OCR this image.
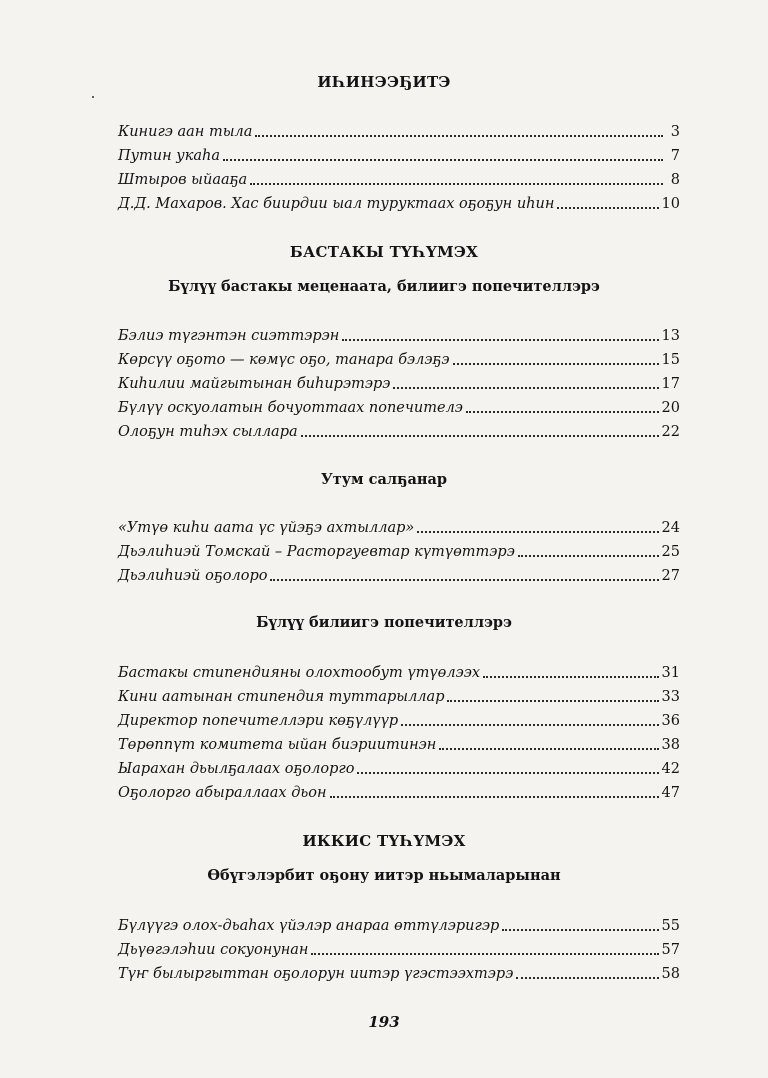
ИҺИНЭЭҔИТЭ
Кинигэ аан тыла	3
Путин укаһа	7
Штыров ыйааҕа	8
Д.Д. Махаров. Хас биирдии ыал туруктаах оҕоҕун иһин	10
БАСТАКЫ ТҮҺҮМЭХ
Бүлүү бастакы меценаата, билиигэ попечителлэрэ
Бэлиэ түгэнтэн сиэттэрэн	13
Көрсүү оҕото — көмүс оҕо, танара бэлэҕэ	15
Киһилии майгытынан биһирэтэрэ	17
Бүлүү оскуолатын бочуоттаах попечителэ	20
Олоҕун тиһэх сыллара	22
Утум салҕанар
«Утүө киһи аата үс үйэҕэ ахтыллар»	24
Дьэлиһиэй Томскай – Расторгуевтар күтүөттэрэ	25
Дьэлиһиэй оҕолоро	27
Бүлүү билиигэ попечителлэрэ
Бастакы стипендияны олохтообут үтүөлээх	31
Кини аатынан стипендия туттарыллар	33
Директор попечителлэри көҕүлүүр	36
Төрөппүт комитета ыйан биэриитинэн	38
Ыарахан дьылҕалаах оҕолорго	42
Оҕолорго абыраллаах дьон	47
ИККИС ТҮҺҮМЭХ
Өбүгэлэрбит оҕону иитэр ньымаларынан
Бүлүүгэ олох-дьаһах үйэлэр анараа өттүлэригэр	55
Дьүөгэлэһии сокуонунан	57
Түҥ былыргыттан оҕолорун иитэр үгэстээхтэрэ	58
193
